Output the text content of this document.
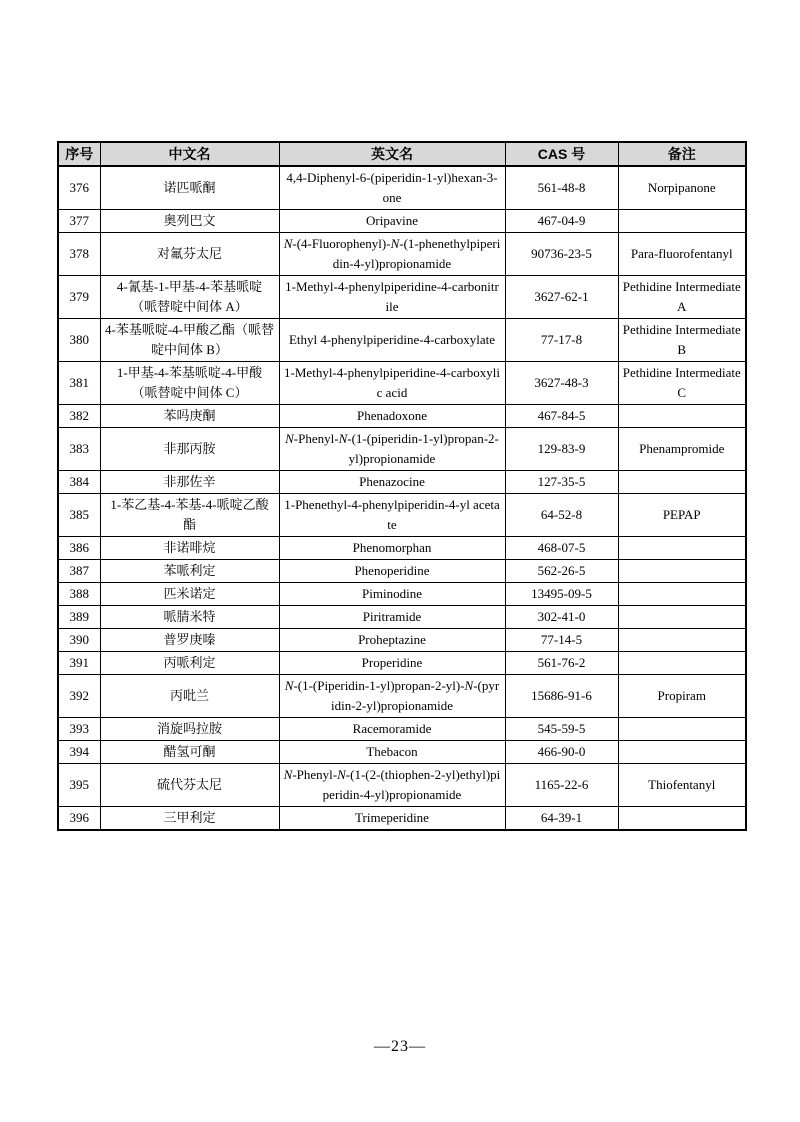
序号	中文名	英文名	CAS 号	备注
376	诺匹哌酮	4,4-Diphenyl-6-(piperidin-1-yl)hexan-3-one	561-48-8	Norpipanone
377	奥列巴文	Oripavine	467-04-9	
378	对氟芬太尼	N-(4-Fluorophenyl)-N-(1-phenethylpiperidin-4-yl)propionamide	90736-23-5	Para-fluorofentanyl
379	4-氰基-1-甲基-4-苯基哌啶（哌替啶中间体 A）	1-Methyl-4-phenylpiperidine-4-carbonitrile	3627-62-1	Pethidine Intermediate A
380	4-苯基哌啶-4-甲酸乙酯（哌替啶中间体 B）	Ethyl 4-phenylpiperidine-4-carboxylate	77-17-8	Pethidine Intermediate B
381	1-甲基-4-苯基哌啶-4-甲酸（哌替啶中间体 C）	1-Methyl-4-phenylpiperidine-4-carboxylic acid	3627-48-3	Pethidine Intermediate C
382	苯吗庚酮	Phenadoxone	467-84-5	
383	非那丙胺	N-Phenyl-N-(1-(piperidin-1-yl)propan-2-yl)propionamide	129-83-9	Phenampromide
384	非那佐辛	Phenazocine	127-35-5	
385	1-苯乙基-4-苯基-4-哌啶乙酸酯	1-Phenethyl-4-phenylpiperidin-4-yl acetate	64-52-8	PEPAP
386	非诺啡烷	Phenomorphan	468-07-5	
387	苯哌利定	Phenoperidine	562-26-5	
388	匹米诺定	Piminodine	13495-09-5	
389	哌腈米特	Piritramide	302-41-0	
390	普罗庚嗪	Proheptazine	77-14-5	
391	丙哌利定	Properidine	561-76-2	
392	丙吡兰	N-(1-(Piperidin-1-yl)propan-2-yl)-N-(pyridin-2-yl)propionamide	15686-91-6	Propiram
393	消旋吗拉胺	Racemoramide	545-59-5	
394	醋氢可酮	Thebacon	466-90-0	
395	硫代芬太尼	N-Phenyl-N-(1-(2-(thiophen-2-yl)ethyl)piperidin-4-yl)propionamide	1165-22-6	Thiofentanyl
396	三甲利定	Trimeperidine	64-39-1	
—23—
